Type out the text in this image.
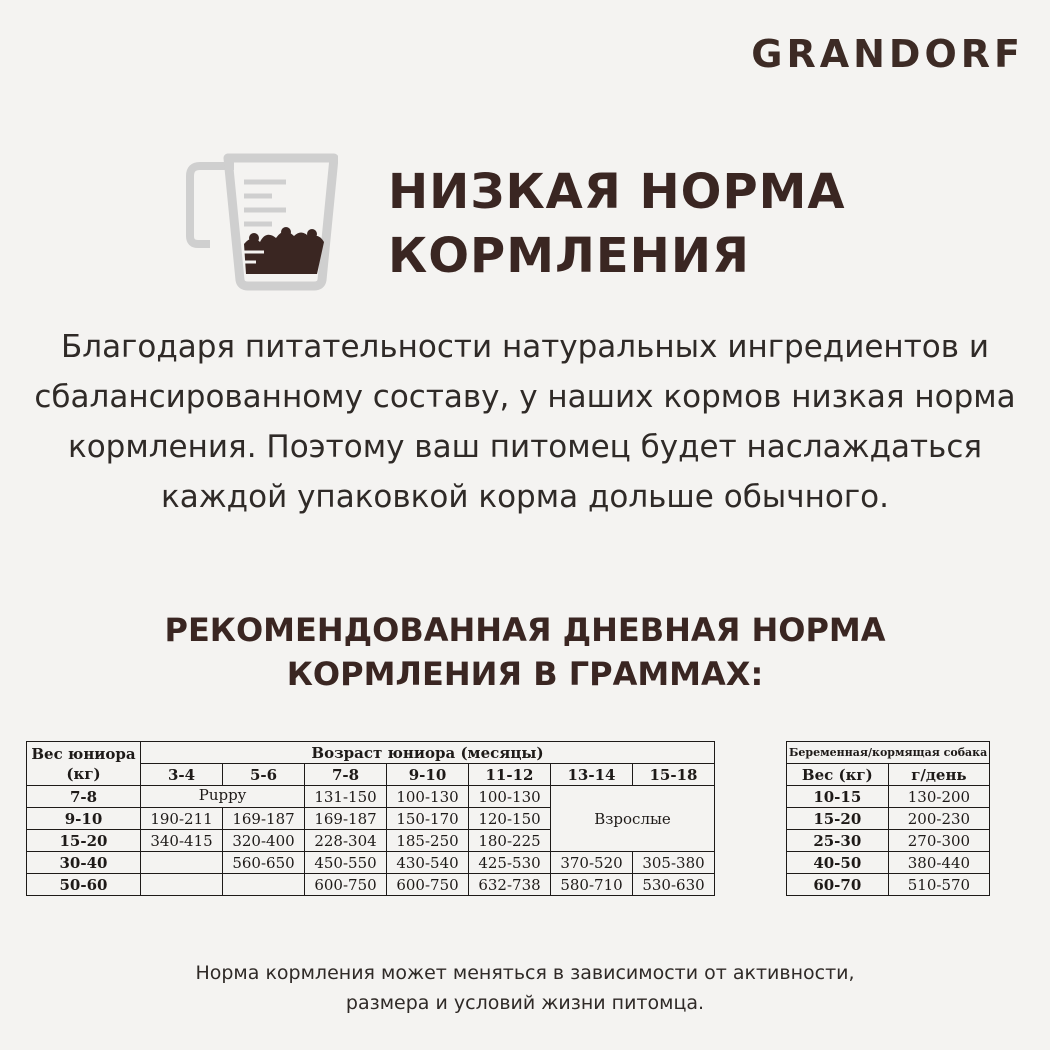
GRANDORF
НИЗКАЯ НОРМА
КОРМЛЕНИЯ
Благодаря питательности натуральных ингредиентов и
сбалансированному составу, у наших кормов низкая норма
кормления. Поэтому ваш питомец будет наслаждаться
каждой упаковкой корма дольше обычного.
РЕКОМЕНДОВАННАЯ ДНЕВНАЯ НОРМА
КОРМЛЕНИЯ В ГРАММАХ:
Вес юниора (кг)	Возраст юниора (месяцы)						
	3-4	5-6	7-8	9-10	11-12	13-14	15-18
7-8	Puppy		131-150	100-130	100-130	Взрослые	
9-10	190-211	169-187	169-187	150-170	120-150		
15-20	340-415	320-400	228-304	185-250	180-225		
30-40		560-650	450-550	430-540	425-530	370-520	305-380
50-60			600-750	600-750	632-738	580-710	530-630
Беременная/кормящая собака	
Вес (кг)	г/день
10-15	130-200
15-20	200-230
25-30	270-300
40-50	380-440
60-70	510-570
Норма кормления может меняться в зависимости от активности,
размера и условий жизни питомца.
